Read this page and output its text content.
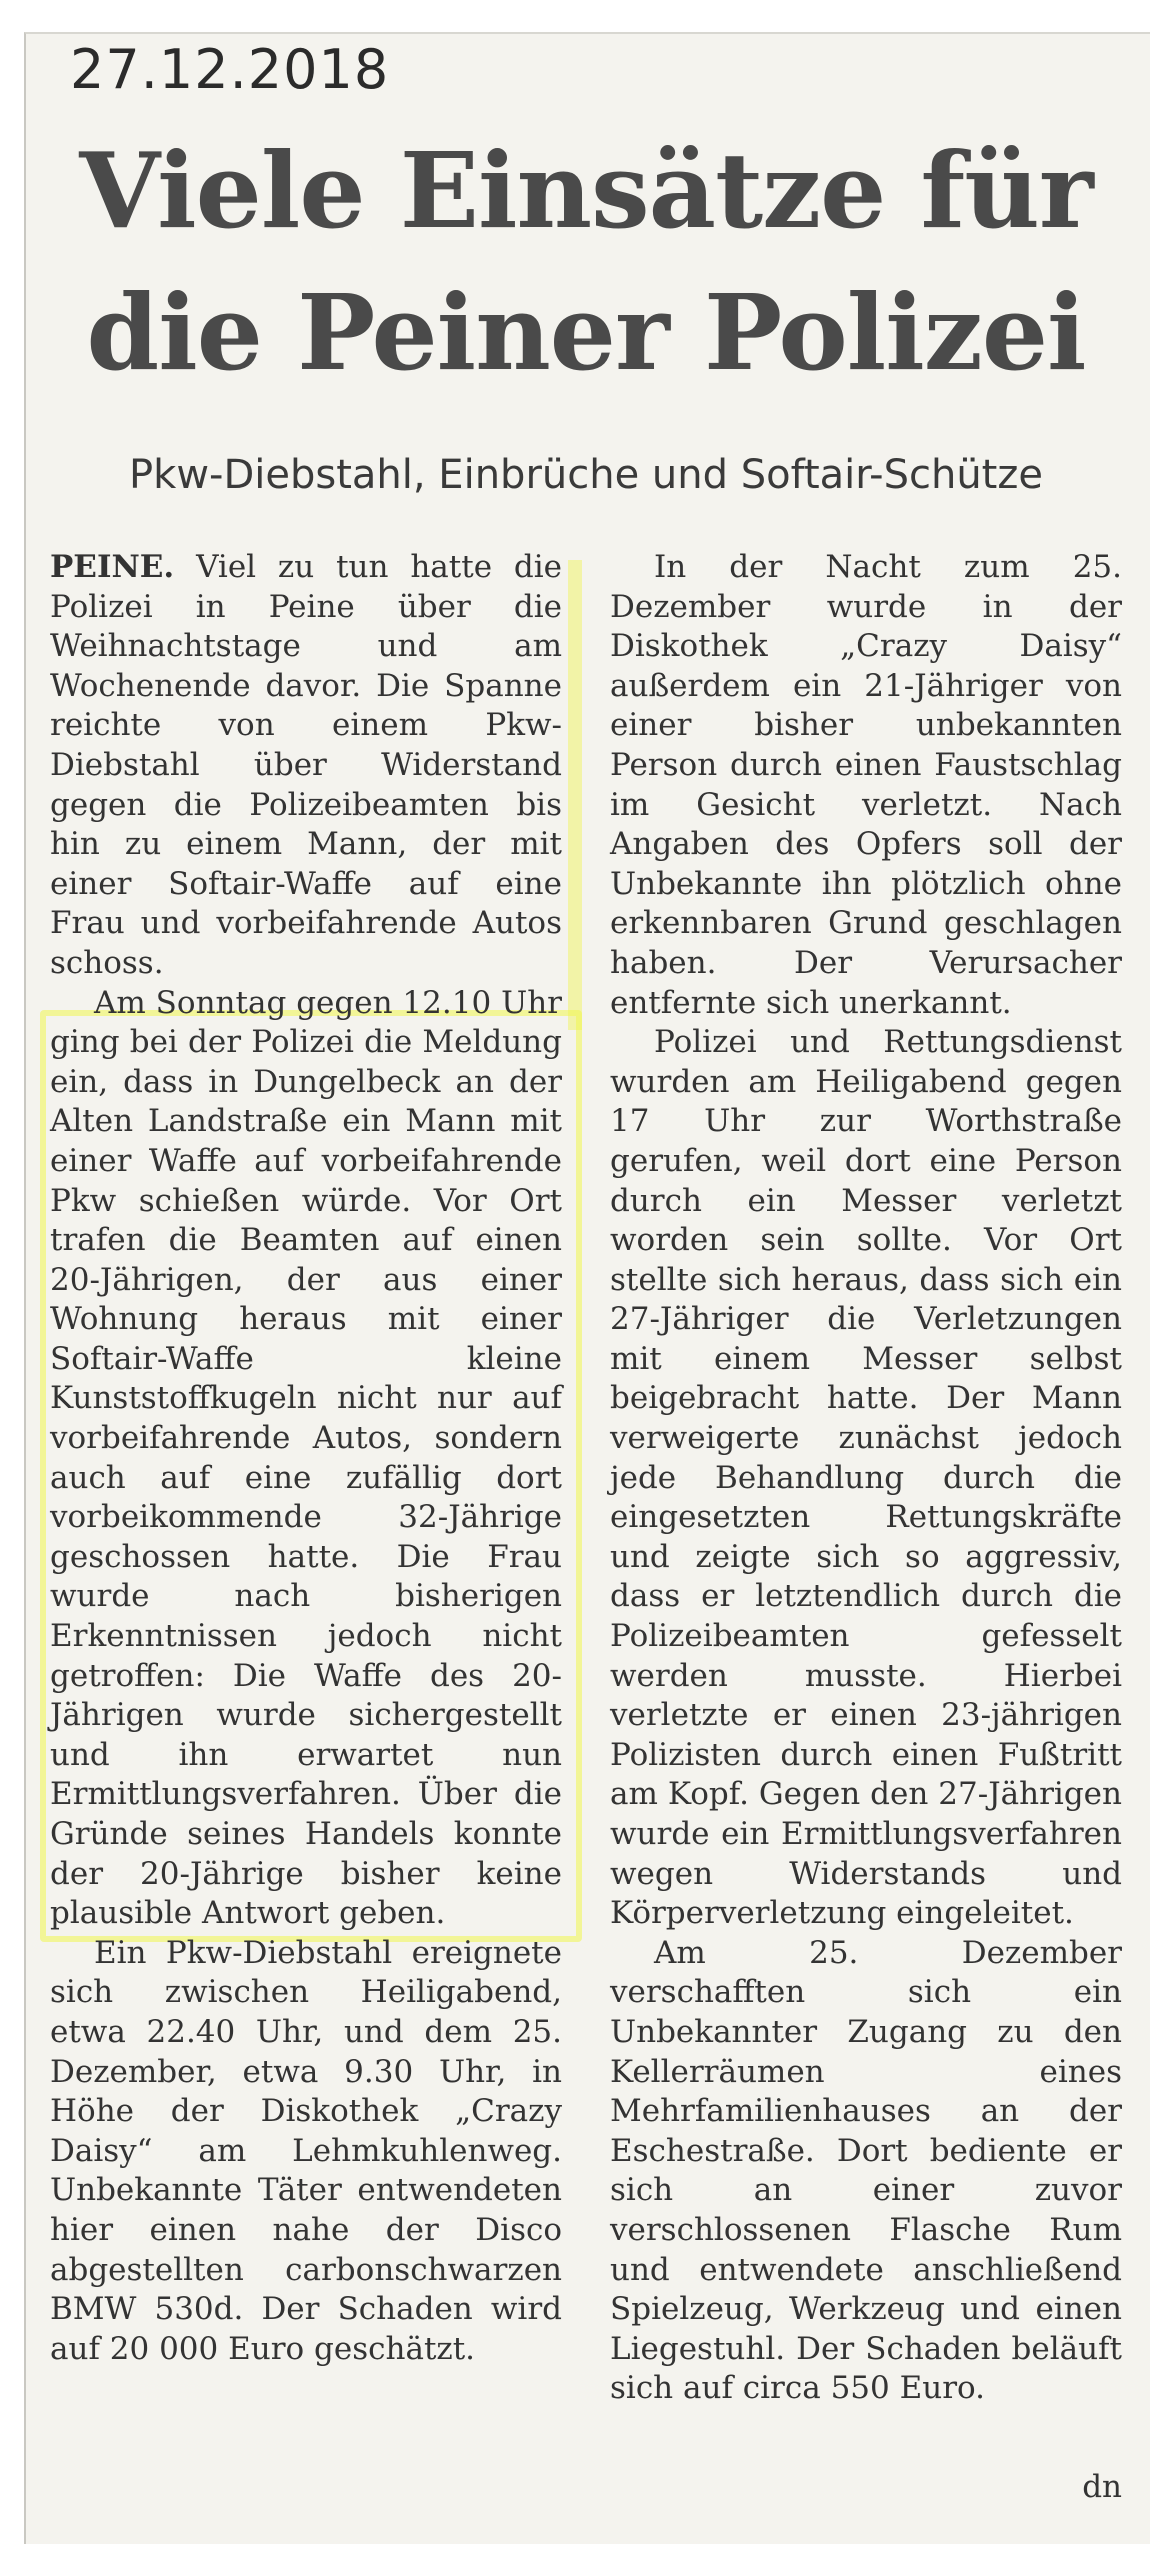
27.12.2018
Viele Einsätze für
die Peiner Polizei
Pkw-Diebstahl, Einbrüche und Softair-Schütze

PEINE. Viel zu tun hatte die Polizei in Peine über die Weihnachtstage und am Wochenende davor. Die Spanne reichte von einem Pkw-Diebstahl über Widerstand gegen die Polizeibeamten bis hin zu einem Mann, der mit einer Softair-Waffe auf eine Frau und vorbeifahrende Autos schoss.

Am Sonntag gegen 12.10 Uhr ging bei der Polizei die Meldung ein, dass in Dungelbeck an der Alten Landstraße ein Mann mit einer Waffe auf vorbeifahrende Pkw schießen würde. Vor Ort trafen die Beamten auf einen 20-Jährigen, der aus einer Wohnung heraus mit einer Softair-Waffe kleine Kunststoffkugeln nicht nur auf vorbeifahrende Autos, sondern auch auf eine zufällig dort vorbeikommende 32-Jährige geschossen hatte. Die Frau wurde nach bisherigen Erkenntnissen jedoch nicht getroffen: Die Waffe des 20-Jährigen wurde sichergestellt und ihn erwartet nun Ermittlungsverfahren. Über die Gründe seines Handels konnte der 20-Jährige bisher keine plausible Antwort geben.

Ein Pkw-Diebstahl ereignete sich zwischen Heiligabend, etwa 22.40 Uhr, und dem 25. Dezember, etwa 9.30 Uhr, in Höhe der Diskothek „Crazy Daisy“ am Lehmkuhlenweg. Unbekannte Täter entwendeten hier einen nahe der Disco abgestellten carbonschwarzen BMW 530d. Der Schaden wird auf 20 000 Euro geschätzt.

In der Nacht zum 25. Dezember wurde in der Diskothek „Crazy Daisy“ außerdem ein 21-Jähriger von einer bisher unbekannten Person durch einen Faustschlag im Gesicht verletzt. Nach Angaben des Opfers soll der Unbekannte ihn plötzlich ohne erkennbaren Grund geschlagen haben. Der Verursacher entfernte sich unerkannt.

Polizei und Rettungsdienst wurden am Heiligabend gegen 17 Uhr zur Worthstraße gerufen, weil dort eine Person durch ein Messer verletzt worden sein sollte. Vor Ort stellte sich heraus, dass sich ein 27-Jähriger die Verletzungen mit einem Messer selbst beigebracht hatte. Der Mann verweigerte zunächst jedoch jede Behandlung durch die eingesetzten Rettungskräfte und zeigte sich so aggressiv, dass er letztendlich durch die Polizeibeamten gefesselt werden musste. Hierbei verletzte er einen 23-jährigen Polizisten durch einen Fußtritt am Kopf. Gegen den 27-Jährigen wurde ein Ermittlungsverfahren wegen Widerstands und Körperverletzung eingeleitet.

Am 25. Dezember verschafften sich ein Unbekannter Zugang zu den Kellerräumen eines Mehrfamilienhauses an der Eschestraße. Dort bediente er sich an einer zuvor verschlossenen Flasche Rum und entwendete anschließend Spielzeug, Werkzeug und einen Liegestuhl. Der Schaden beläuft sich auf circa 550 Euro.

dn
